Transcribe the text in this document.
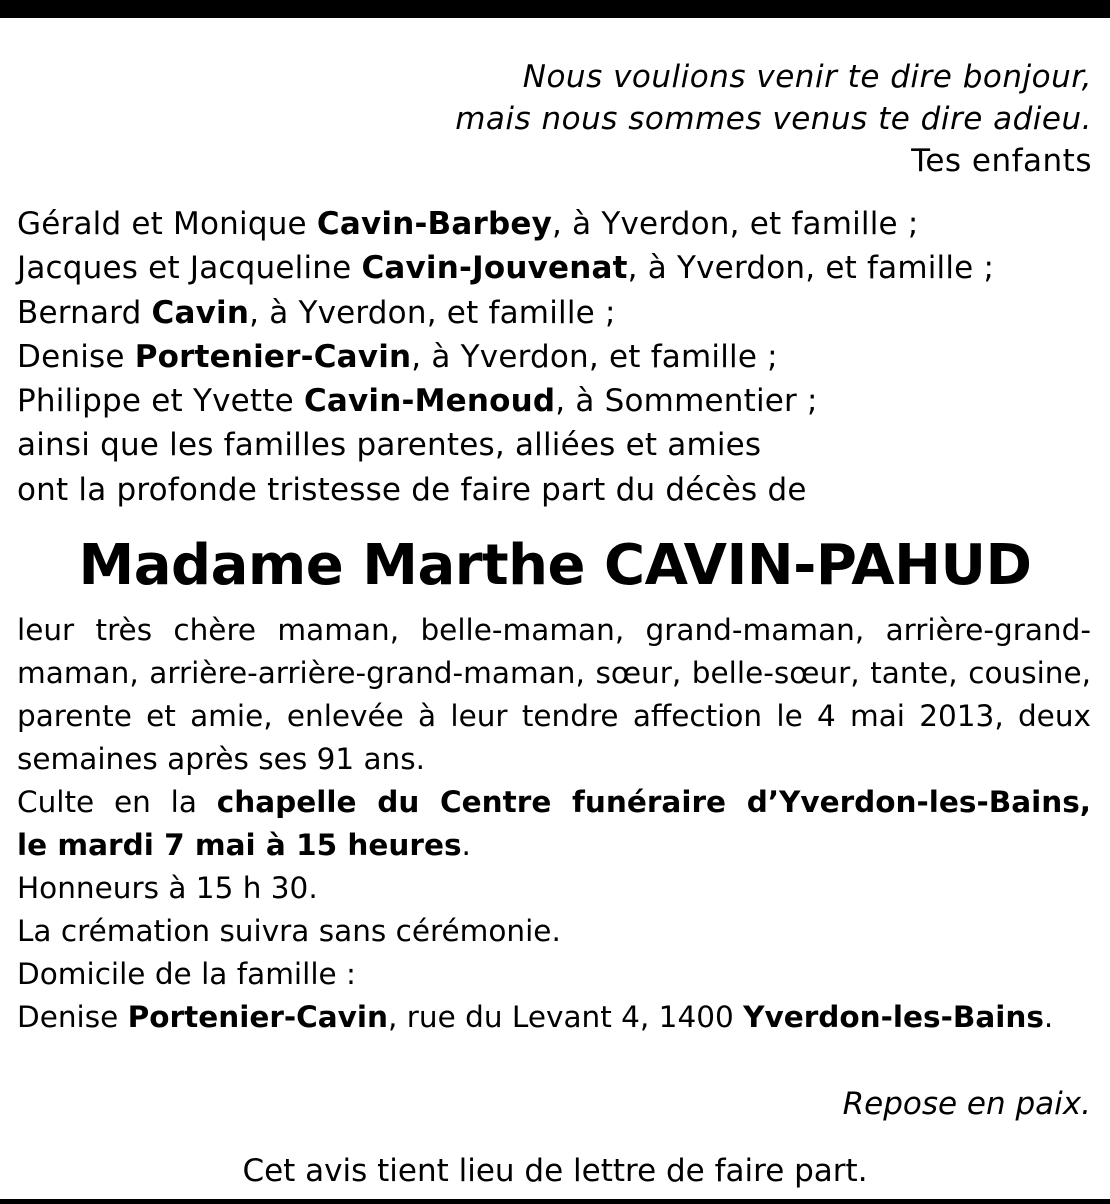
Nous voulions venir te dire bonjour,
mais nous sommes venus te dire adieu.
Tes enfants
Gérald et Monique Cavin-Barbey, à Yverdon, et famille ;
Jacques et Jacqueline Cavin-Jouvenat, à Yverdon, et famille ;
Bernard Cavin, à Yverdon, et famille ;
Denise Portenier-Cavin, à Yverdon, et famille ;
Philippe et Yvette Cavin-Menoud, à Sommentier ;
ainsi que les familles parentes, alliées et amies
ont la profonde tristesse de faire part du décès de
Madame Marthe CAVIN-PAHUD
leur très chère maman, belle-maman, grand-maman, arrière-grand-
maman, arrière-arrière-grand-maman, sœur, belle-sœur, tante, cousine,
parente et amie, enlevée à leur tendre affection le 4 mai 2013, deux
semaines après ses 91 ans.
Culte en la chapelle du Centre funéraire d’Yverdon-les-Bains,
le mardi 7 mai à 15 heures.
Honneurs à 15 h 30.
La crémation suivra sans cérémonie.
Domicile de la famille :
Denise Portenier-Cavin, rue du Levant 4, 1400 Yverdon-les-Bains.
Repose en paix.
Cet avis tient lieu de lettre de faire part.
